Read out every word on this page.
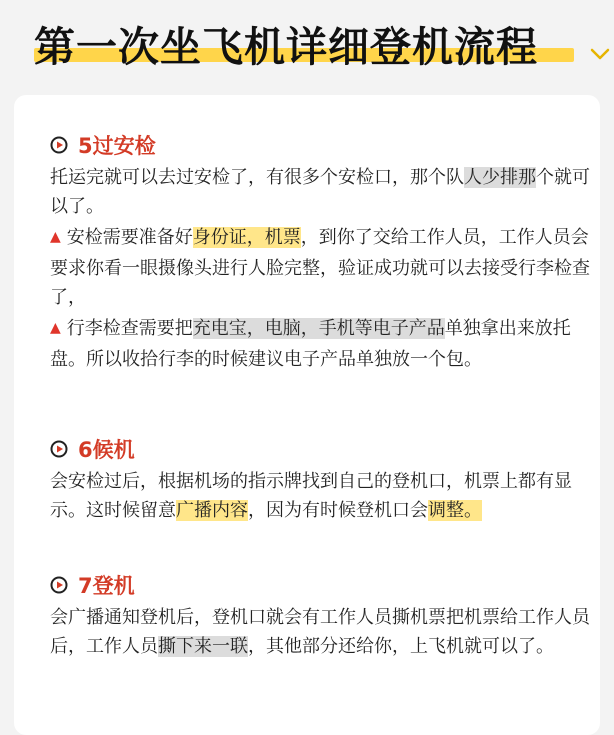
第一次坐飞机详细登机流程
5过安检
托运完就可以去过安检了，有很多个安检口，那个队人少排那个就可以了。
▲ 安检需要准备好身份证，机票，到你了交给工作人员，工作人员会要求你看一眼摄像头进行人脸完整，验证成功就可以去接受行李检查了，
▲ 行李检查需要把充电宝，电脑，手机等电子产品单独拿出来放托盘。所以收拾行李的时候建议电子产品单独放一个包。
6候机
会安检过后，根据机场的指示牌找到自己的登机口，机票上都有显示。这时候留意广播内容，因为有时候登机口会调整。
7登机
会广播通知登机后，登机口就会有工作人员撕机票把机票给工作人员后，工作人员撕下来一联，其他部分还给你，上飞机就可以了。
